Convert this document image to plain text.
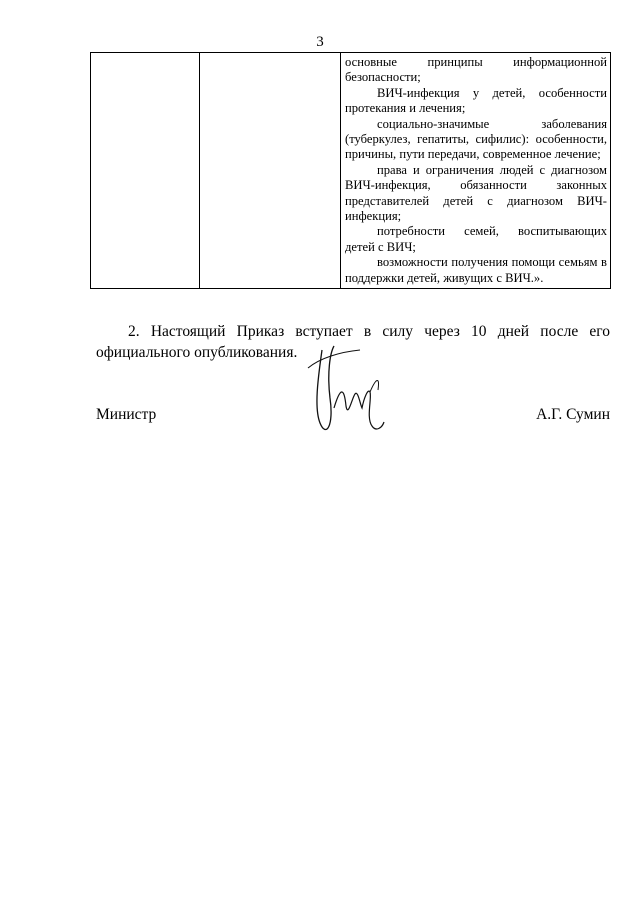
3

основные принципы информационной безопасности;

ВИЧ-инфекция у детей, особенности протекания и лечения;

социально-значимые заболевания (туберкулез, гепатиты, сифилис): особенности, причины, пути передачи, современное лечение;

права и ограничения людей с диагнозом ВИЧ-инфекция, обязанности законных представителей детей с диагнозом ВИЧ-инфекция;

потребности семей, воспитывающих детей с ВИЧ;

возможности получения помощи семьям в поддержки детей, живущих с ВИЧ.».

2. Настоящий Приказ вступает в силу через 10 дней после его официального опубликования.

Министр	А.Г. Сумин
